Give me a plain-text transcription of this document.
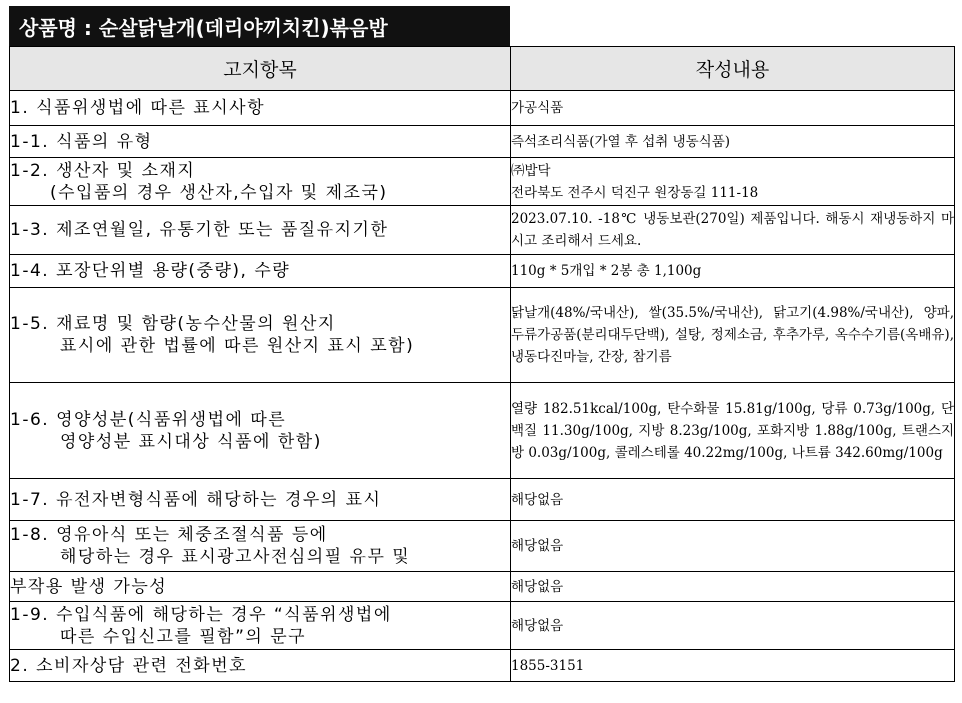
상품명 : 순살닭날개(데리야끼치킨)볶음밥
고지항목	작성내용
1. 식품위생법에 따른 표시사항	가공식품
1-1. 식품의 유형	즉석조리식품(가열 후 섭취 냉동식품)

1-2. 생산자 및 소재지
(수입품의 경우 생산자,수입자 및 제조국)	㈜밥닥
전라북도 전주시 덕진구 원장동길 111-18

1-3. 제조연월일, 유통기한 또는 품질유지기한	2023.07.10. -18℃ 냉동보관(270일) 제품입니다. 해동시 재냉동하지 마시고 조리해서 드세요.
1-4. 포장단위별 용량(중량), 수량	110g * 5개입 * 2봉 총 1,100g

1-5. 재료명 및 함량(농수산물의 원산지
표시에 관한 법률에 따른 원산지 표시 포함)	닭날개(48%/국내산), 쌀(35.5%/국내산), 닭고기(4.98%/국내산), 양파, 두류가공품(분리대두단백), 설탕, 정제소금, 후추가루, 옥수수기름(옥배유), 냉동다진마늘, 간장, 참기름

1-6. 영양성분(식품위생법에 따른
영양성분 표시대상 식품에 한함)	열량 182.51kcal/100g, 탄수화물 15.81g/100g, 당류 0.73g/100g, 단백질 11.30g/100g, 지방 8.23g/100g, 포화지방 1.88g/100g, 트랜스지방 0.03g/100g, 콜레스테롤 40.22mg/100g, 나트륨 342.60mg/100g
1-7. 유전자변형식품에 해당하는 경우의 표시	해당없음

1-8. 영유아식 또는 체중조절식품 등에
해당하는 경우 표시광고사전심의필 유무 및	해당없음
부작용 발생 가능성	해당없음

1-9. 수입식품에 해당하는 경우 “식품위생법에
따른 수입신고를 필함”의 문구	해당없음
2. 소비자상담 관련 전화번호	1855-3151
